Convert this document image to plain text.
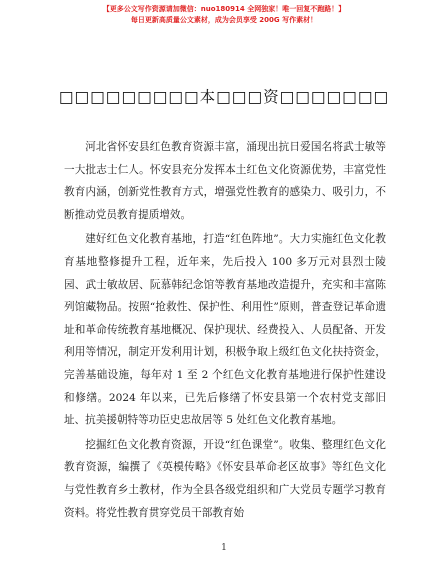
【更多公文写作资源请加微信：nuo180914 全网独家！唯一回复不跑路！】
每日更新高质量公文素材，成为会员享受 200G 写作素材！
□□□□□□□□□本□□□资□□□□□□□

河北省怀安县红色教育资源丰富，涌现出抗日爱国名将武士敏等一大批志士仁人。怀安县充分发挥本土红色文化资源优势，丰富党性教育内涵，创新党性教育方式，增强党性教育的感染力、吸引力，不断推动党员教育提质增效。

建好红色文化教育基地，打造“红色阵地”。大力实施红色文化教育基地整修提升工程，近年来，先后投入 100 多万元对县烈士陵园、武士敏故居、阮慕韩纪念馆等教育基地改造提升，充实和丰富陈列馆藏物品。按照“抢救性、保护性、利用性”原则，普查登记革命遗址和革命传统教育基地概况、保护现状、经费投入、人员配备、开发利用等情况，制定开发利用计划，积极争取上级红色文化扶持资金，完善基础设施，每年对 1 至 2 个红色文化教育基地进行保护性建设和修缮。2024 年以来，已先后修缮了怀安县第一个农村党支部旧址、抗美援朝特等功臣史忠故居等 5 处红色文化教育基地。

挖掘红色文化教育资源，开设“红色课堂”。收集、整理红色文化教育资源，编撰了《英模传略》《怀安县革命老区故事》等红色文化与党性教育乡土教材，作为全县各级党组织和广大党员专题学习教育资料。将党性教育贯穿党员干部教育始

1
